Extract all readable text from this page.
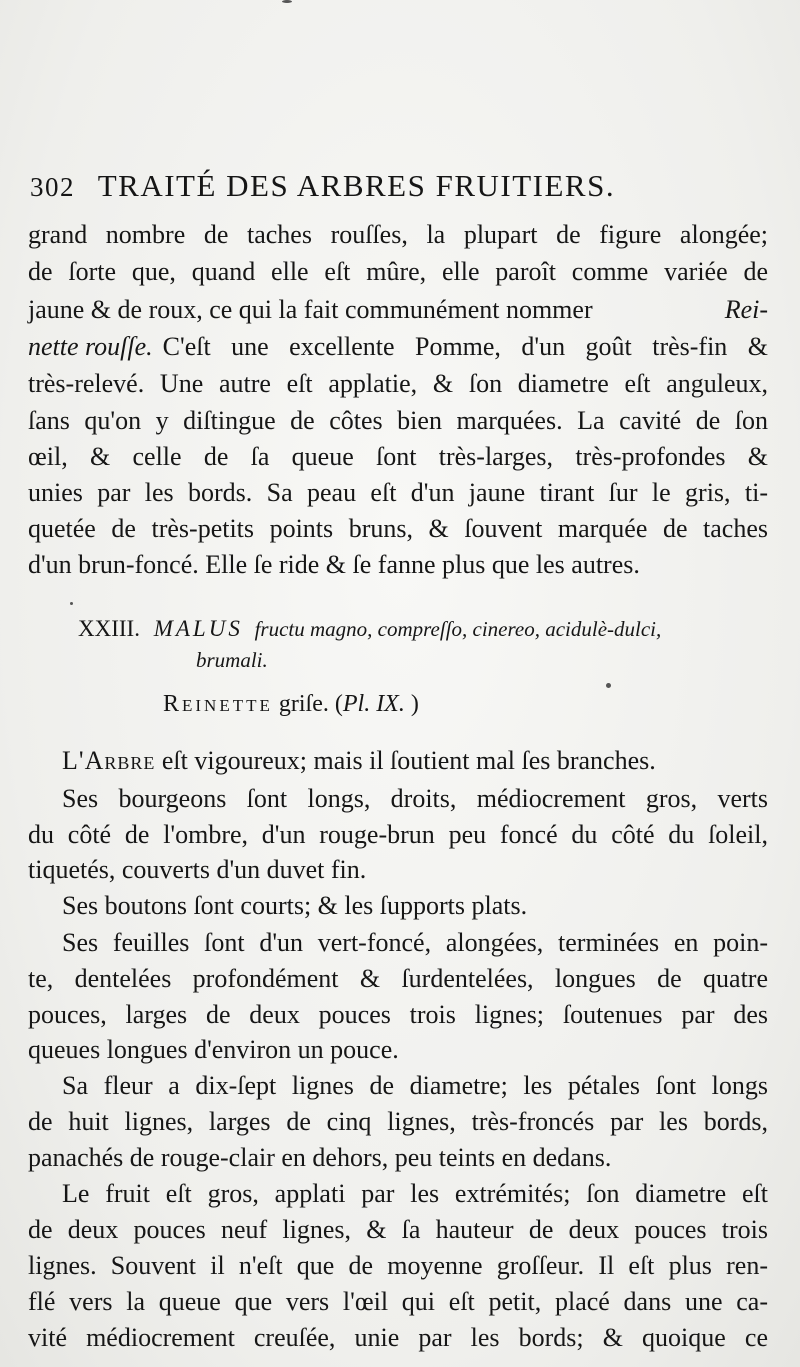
302 TRAITÉ DES ARBRES FRUITIERS.
grand nombre de taches rouſſes, la plupart de figure alongée;
de ſorte que, quand elle eſt mûre, elle paroît comme variée de
jaune & de roux, ce qui la fait communément nommer	Rei-
nette rouſſe. C'eſt une excellente Pomme, d'un goût très-fin &
très-relevé. Une autre eſt applatie, & ſon diametre eſt anguleux,
ſans qu'on y diſtingue de côtes bien marquées. La cavité de ſon
œil, & celle de ſa queue ſont très-larges, très-profondes &
unies par les bords. Sa peau eſt d'un jaune tirant ſur le gris, ti-
quetée de très-petits points bruns, & ſouvent marquée de taches
d'un brun-foncé. Elle ſe ride & ſe fanne plus que les autres.
XXIII. MALUS fructu magno, compreſſo, cinereo, acidulè-dulci,
brumali.
Reinette griſe. (Pl. IX. )
L'Arbre eſt vigoureux; mais il ſoutient mal ſes branches.
Ses bourgeons ſont longs, droits, médiocrement gros, verts
du côté de l'ombre, d'un rouge-brun peu foncé du côté du ſoleil,
tiquetés, couverts d'un duvet fin.
Ses boutons ſont courts; & les ſupports plats.
Ses feuilles ſont d'un vert-foncé, alongées, terminées en poin-
te, dentelées profondément & ſurdentelées, longues de quatre
pouces, larges de deux pouces trois lignes; ſoutenues par des
queues longues d'environ un pouce.
Sa fleur a dix-ſept lignes de diametre; les pétales ſont longs
de huit lignes, larges de cinq lignes, très-froncés par les bords,
panachés de rouge-clair en dehors, peu teints en dedans.
Le fruit eſt gros, applati par les extrémités; ſon diametre eſt
de deux pouces neuf lignes, & ſa hauteur de deux pouces trois
lignes. Souvent il n'eſt que de moyenne groſſeur. Il eſt plus ren-
flé vers la queue que vers l'œil qui eſt petit, placé dans une ca-
vité médiocrement creuſée, unie par les bords; & quoique ce
